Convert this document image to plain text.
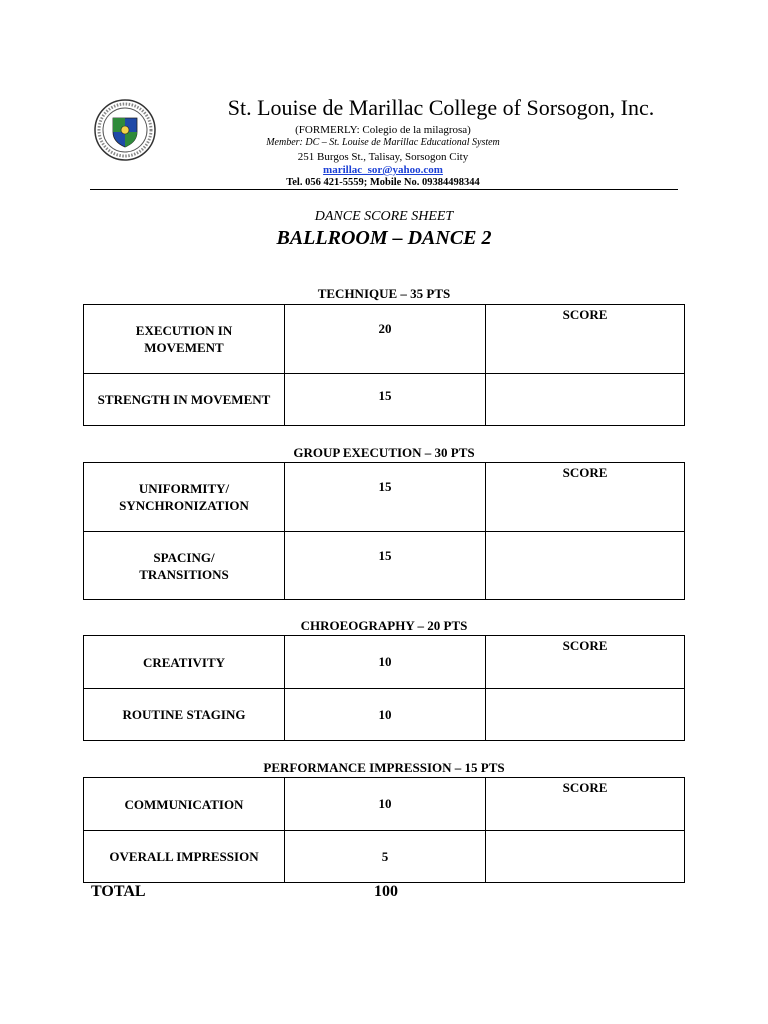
St. Louise de Marillac College of Sorsogon, Inc.
(FORMERLY: Colegio de la milagrosa)
Member: DC – St. Louise de Marillac Educational System
251 Burgos St., Talisay, Sorsogon City
marillac_sor@yahoo.com
Tel. 056 421-5559; Mobile No. 09384498344
DANCE SCORE SHEET
BALLROOM – DANCE 2
TECHNIQUE – 35 PTS
EXECUTION IN MOVEMENT	20	SCORE

STRENGTH IN MOVEMENT	15	
GROUP EXECUTION – 30 PTS
UNIFORMITY/ SYNCHRONIZATION	15	SCORE

SPACING/ TRANSITIONS	15	
CHROEOGRAPHY – 20 PTS
CREATIVITY	10	SCORE

ROUTINE STAGING	10	
PERFORMANCE IMPRESSION – 15 PTS
COMMUNICATION	10	SCORE

OVERALL IMPRESSION	5	
TOTAL	100
